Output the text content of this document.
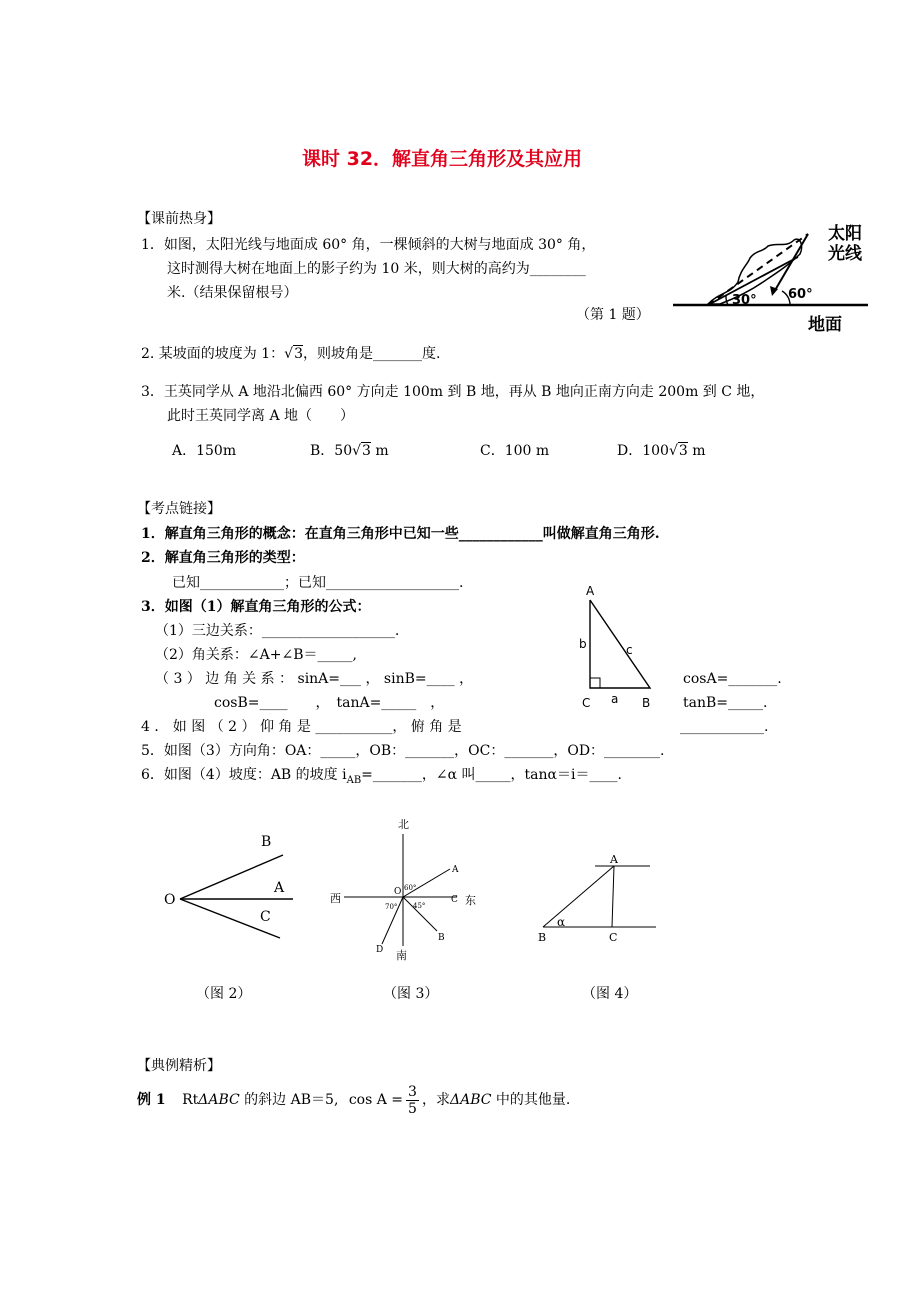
课时 32．解直角三角形及其应用
【课前热身】
1．如图，太阳光线与地面成 60° 角，一棵倾斜的大树与地面成 30° 角，
这时测得大树在地面上的影子约为 10 米，则大树的高约为________
米.（结果保留根号）
（第 1 题）
30° 60°
太阳
光线
地面
2. 某坡面的坡度为 1：√3，则坡角是_______度.
3．王英同学从 A 地沿北偏西 60° 方向走 100m 到 B 地，再从 B 地向正南方向走 200m 到 C 地，
此时王英同学离 A 地（　　）
A．150m	B．50√3 m	C．100 m	D．100√3 m
【考点链接】
1．解直角三角形的概念：在直角三角形中已知一些____________叫做解直角三角形.
2．解直角三角形的类型：
已知____________；已知___________________.
3．如图（1）解直角三角形的公式：
（1）三边关系：___________________.
（2）角关系：∠A+∠B＝_____,
（ 3 ） 边 角 关 系 ： sinA=___ ， sinB=____ ，	cosA=_______.
cosB=____　　，　tanA=_____　，	tanB=_____.
A
C	B
b	c
a
4 ． 如 图 （ 2 ） 仰 角 是 ___________， 俯 角 是	____________.
5．如图（3）方向角：OA：_____，OB：_______，OC：_______，OD：________.
6．如图（4）坡度：AB 的坡度 $i_{AB}=\_\_\_\_\_\_\_$，∠α 叫_____，tanα＝i＝____.
O
B
A
C
（图 2）
北
南
西	东
O
A
B
C
D
60°
70° 45°
（图 3）
A
B	C
α
（图 4）
【典例精析】
例 1 RtΔABC 的斜边 AB＝5, $\cos A = \frac{3}{5}$ ，求ΔABC 中的其他量.
